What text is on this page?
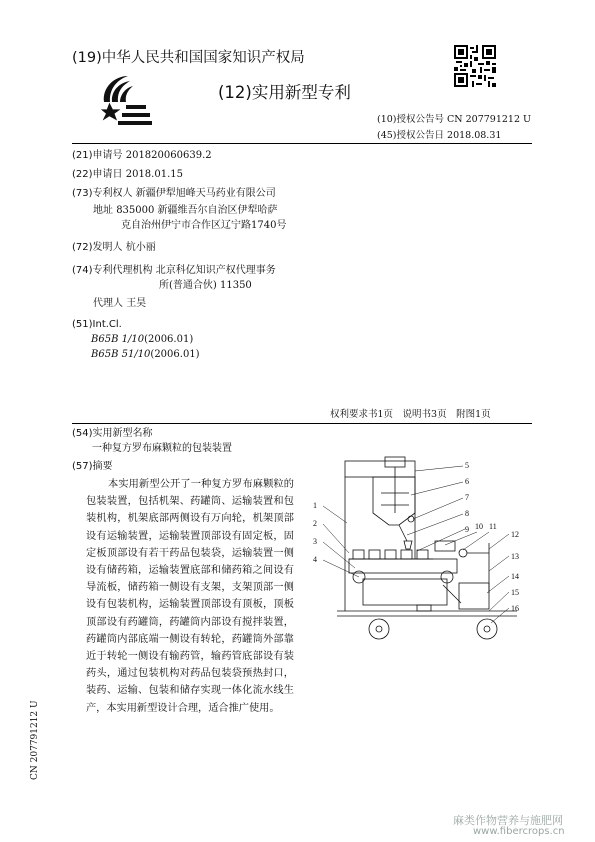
(19)中华人民共和国国家知识产权局
(12)实用新型专利
(10)授权公告号 CN 207791212 U
(45)授权公告日 2018.08.31
(21)申请号 201820060639.2
(22)申请日 2018.01.15
(73)专利权人 新疆伊犁旭峰天马药业有限公司
地址 835000 新疆维吾尔自治区伊犁哈萨
克自治州伊宁市合作区辽宁路1740号
(72)发明人 杭小丽
(74)专利代理机构 北京科亿知识产权代理事务
所(普通合伙) 11350
代理人 王昊
(51)Int.Cl.
B65B 1/10(2006.01)
B65B 51/10(2006.01)
权利要求书1页　说明书3页　附图1页
(54)实用新型名称
一种复方罗布麻颗粒的包装装置
(57)摘要

本实用新型公开了一种复方罗布麻颗粒的包装装置，包括机架、药罐筒、运输装置和包装机构，机架底部两侧设有万向轮，机架顶部设有运输装置，运输装置顶部设有固定板，固定板顶部设有若干药品包装袋，运输装置一侧设有储药箱，运输装置底部和储药箱之间设有导流板，储药箱一侧设有支架，支架顶部一侧设有包装机构，运输装置顶部设有顶板，顶板顶部设有药罐筒，药罐筒内部设有搅拌装置，药罐筒内部底端一侧设有转轮，药罐筒外部靠近于转轮一侧设有输药管，输药管底部设有装药头，通过包装机构对药品包装袋预热封口，装药、运输、包装和储存实现一体化流水线生产，本实用新型设计合理，适合推广使用。

1
2
3
4
5
6
7
8
9 10 11
12
13
14
15
16
CN 207791212 U
麻类作物营养与施肥网
www.fibercrops.cn
